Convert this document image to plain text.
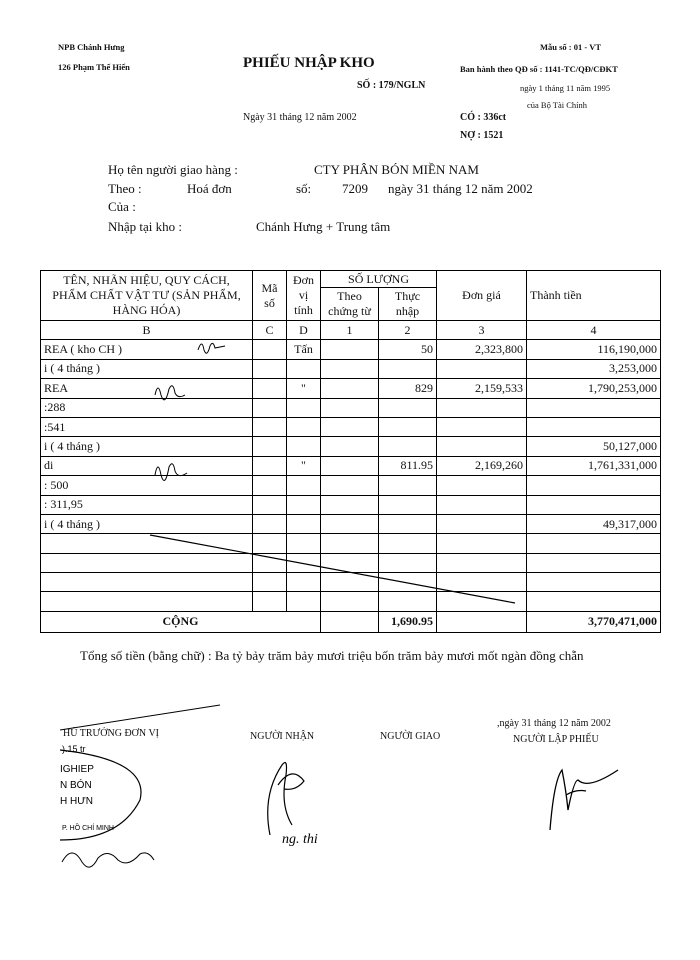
NPB Chánh Hưng
126 Phạm Thế Hiển	PHIẾU NHẬP KHO
SỐ : 179/NGLN
Ngày 31 tháng 12 năm 2002
Mẫu số : 01 - VT
Ban hành theo QĐ số : 1141-TC/QĐ/CĐKT
ngày 1 tháng 11 năm 1995
của Bộ Tài Chính
CÓ : 336ct
NỢ : 1521
Họ tên người giao hàng :	CTY PHÂN BÓN MIỀN NAM
Theo :	Hoá đơn	số: 7209 ngày 31 tháng 12 năm 2002
Của :
Nhập tại kho :	Chánh Hưng + Trung tâm
TÊN, NHÃN HIỆU, QUY CÁCH, PHẨM CHẤT VẬT TƯ (SẢN PHẨM, HÀNG HÓA)	Mã số	Đơn vị tính	SỐ LƯỢNG		Đơn giá	Thành tiền
			Theo chứng từ	Thực nhập		
B	C	D	1	2	3	4
REA ( kho CH )		Tấn		50	2,323,800	116,190,000
i ( 4 tháng )						3,253,000
REA		"		829	2,159,533	1,790,253,000
:288						
:541						
i ( 4 tháng )						50,127,000
di		"		811.95	2,169,260	1,761,331,000
: 500						
: 311,95						
i ( 4 tháng )						49,317,000

CỘNG				1,690.95		3,770,471,000
Tổng số tiền (bằng chữ) : Ba tỷ bảy trăm bảy mươi triệu bốn trăm bảy mươi mốt ngàn đồng chẵn
HỦ TRƯỞNG ĐƠN VỊ	NGƯỜI NHẬN	NGƯỜI GIAO
,ngày 31 tháng 12 năm 2002
NGƯỜI LẬP PHIẾU
).15 tr
IGHIEP
N BÓN
H HƯN
P. HỒ CHÍ MINH
ng. thi
